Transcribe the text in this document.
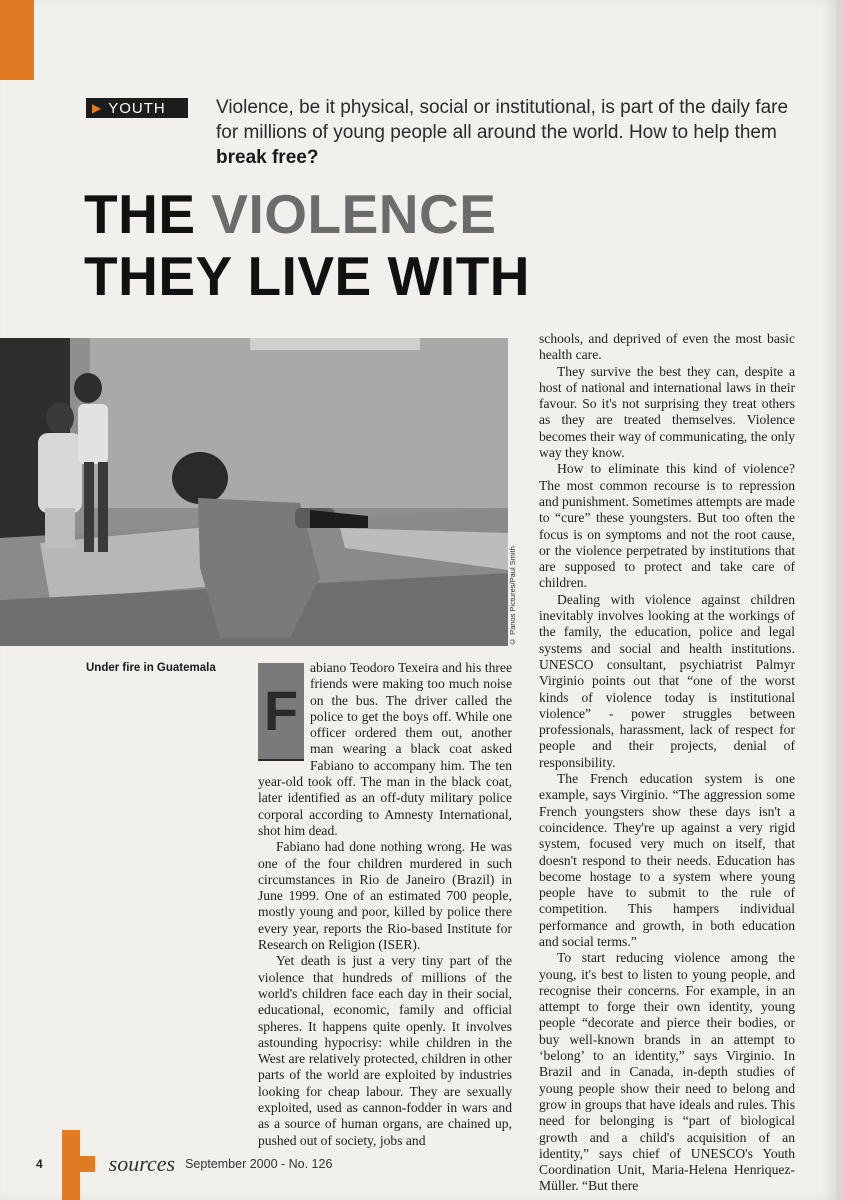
▶ YOUTH	Violence, be it physical, social or institutional, is part of the daily fare for millions of young people all around the world. How to help them break free?
THE VIOLENCE
THEY LIVE WITH
© Panos Pictures/Paul Smith
Under fire in Guatemala

F
abiano Teodoro Texeira and his three friends were making too much noise on the bus. The driver called the police to get the boys off. While one officer ordered them out, another man wearing a black coat asked Fabiano to accompany him. The ten year-old took off. The man in the black coat, later identified as an off-duty military police corporal according to Amnesty International, shot him dead.

Fabiano had done nothing wrong. He was one of the four children murdered in such circumstances in Rio de Janeiro (Brazil) in June 1999. One of an estimated 700 people, mostly young and poor, killed by police there every year, reports the Rio-based Institute for Research on Religion (ISER).

Yet death is just a very tiny part of the violence that hundreds of millions of the world's children face each day in their social, educational, economic, family and official spheres. It happens quite openly. It involves astounding hypocrisy: while children in the West are relatively protected, children in other parts of the world are exploited by industries looking for cheap labour. They are sexually exploited, used as cannon-fodder in wars and as a source of human organs, are chained up, pushed out of society, jobs and

schools, and deprived of even the most basic health care.

They survive the best they can, despite a host of national and international laws in their favour. So it's not surprising they treat others as they are treated themselves. Violence becomes their way of communicating, the only way they know.

How to eliminate this kind of violence? The most common recourse is to repression and punishment. Sometimes attempts are made to “cure” these youngsters. But too often the focus is on symptoms and not the root cause, or the violence perpetrated by institutions that are supposed to protect and take care of children.

Dealing with violence against children inevitably involves looking at the workings of the family, the education, police and legal systems and social and health institutions. UNESCO consultant, psychiatrist Palmyr Virginio points out that “one of the worst kinds of violence today is institutional violence” - power struggles between professionals, harassment, lack of respect for people and their projects, denial of responsibility.

The French education system is one example, says Virginio. “The aggression some French youngsters show these days isn't a coincidence. They're up against a very rigid system, focused very much on itself, that doesn't respond to their needs. Education has become hostage to a system where young people have to submit to the rule of competition. This hampers individual performance and growth, in both education and social terms.”

To start reducing violence among the young, it's best to listen to young people, and recognise their concerns. For example, in an attempt to forge their own identity, young people “decorate and pierce their bodies, or buy well-known brands in an attempt to ‘belong’ to an identity,” says Virginio. In Brazil and in Canada, in-depth studies of young people show their need to belong and grow in groups that have ideals and rules. This need for belonging is “part of biological growth and a child's acquisition of an identity,” says chief of UNESCO's Youth Coordination Unit, Maria-Helena Henriquez-Müller. “But there

4	sources September 2000 - No. 126
